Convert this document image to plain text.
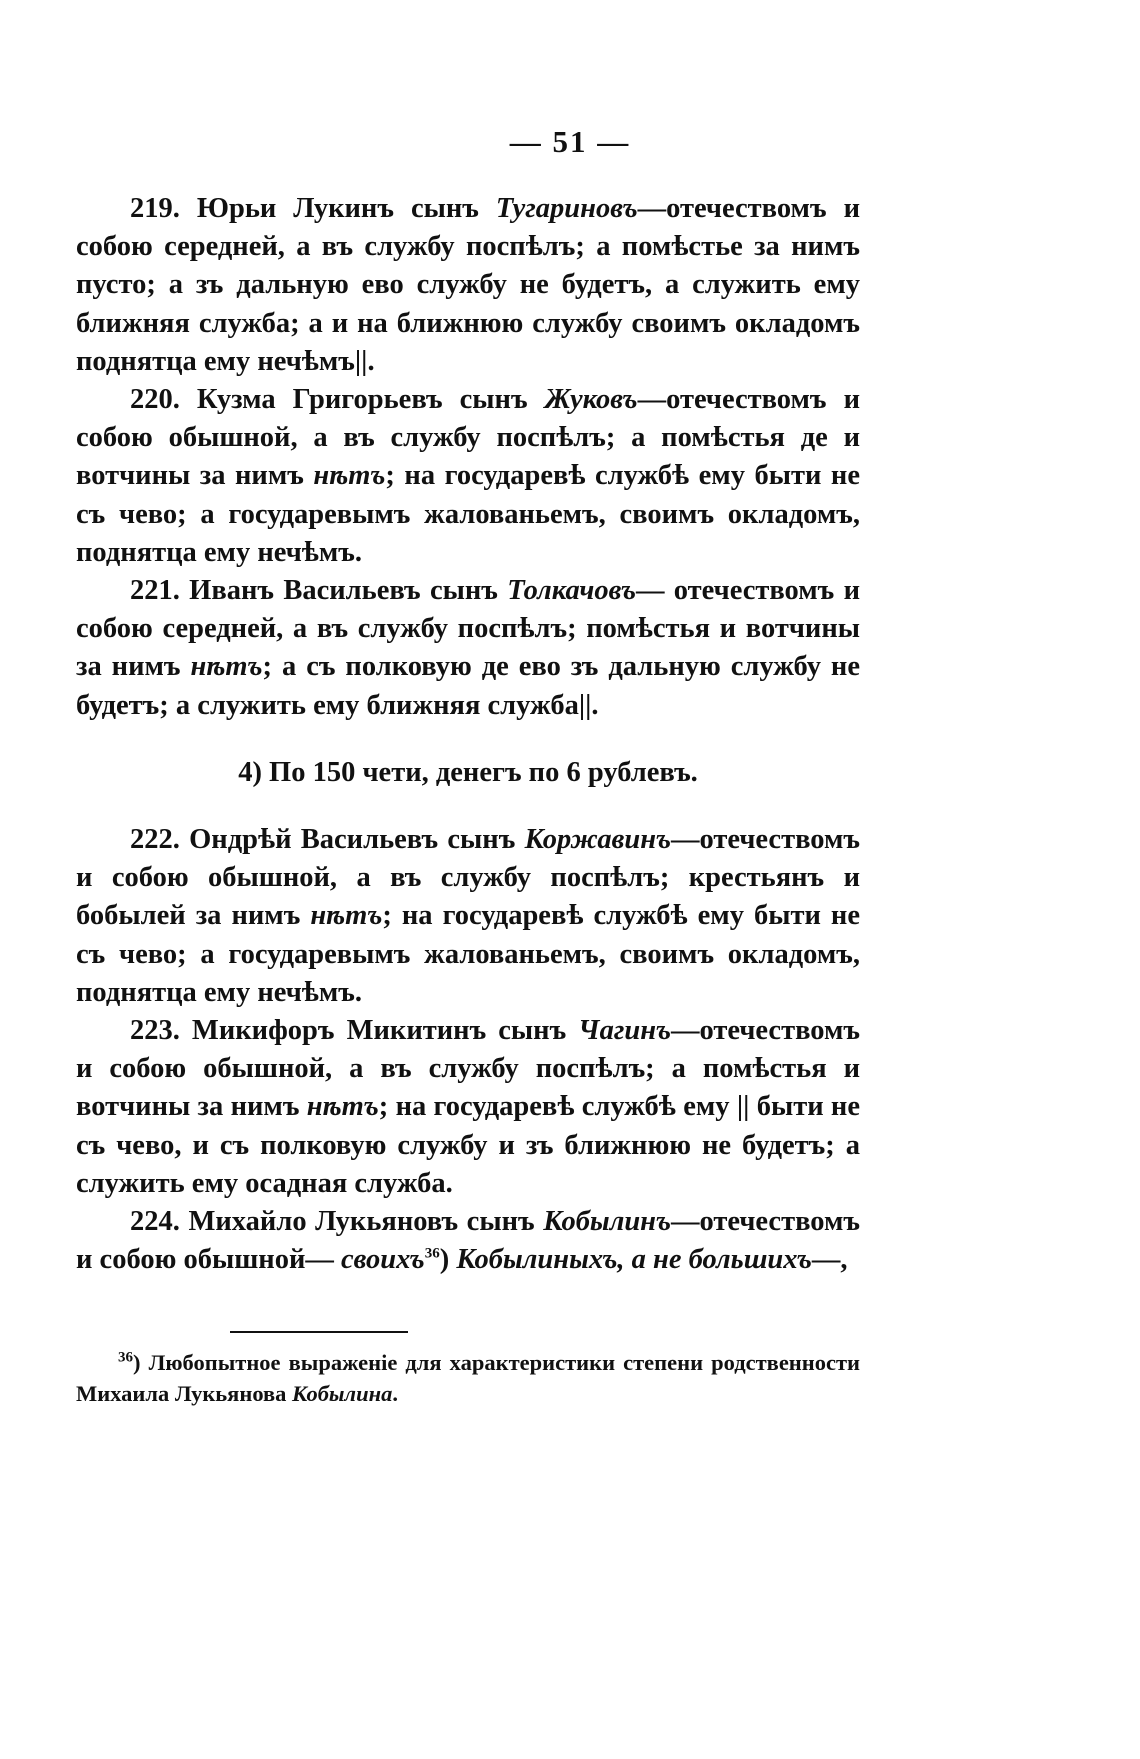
— 51 —

219. Юрьи Лукинъ сынъ Тугариновъ—отечествомъ и собою середней, а въ службу поспѣлъ; а помѣстье за нимъ пусто; а зъ дальную ево службу не будетъ, а служить ему ближняя служба; а и на ближнюю службу своимъ окладомъ поднятца ему нечѣмъ||.

220. Кузма Григорьевъ сынъ Жуковъ—отечествомъ и собою обышной, а въ службу поспѣлъ; а помѣстья де и вотчины за нимъ нѣтъ; на государевѣ службѣ ему быти не съ чево; а государевымъ жалованьемъ, своимъ окладомъ, поднятца ему нечѣмъ.

221. Иванъ Васильевъ сынъ Толкачовъ— отечествомъ и собою середней, а въ службу поспѣлъ; помѣстья и вотчины за нимъ нѣтъ; а съ полковую де ево зъ дальную службу не будетъ; а служить ему ближняя служба||.

4) По 150 чети, денегъ по 6 рублевъ.

222. Ондрѣй Васильевъ сынъ Коржавинъ—отечествомъ и собою обышной, а въ службу поспѣлъ; крестьянъ и бобылей за нимъ нѣтъ; на государевѣ службѣ ему быти не съ чево; а государевымъ жалованьемъ, своимъ окладомъ, поднятца ему нечѣмъ.

223. Микифоръ Микитинъ сынъ Чагинъ—отечествомъ и собою обышной, а въ службу поспѣлъ; а помѣстья и вотчины за нимъ нѣтъ; на государевѣ службѣ ему || быти не съ чево, и съ полковую службу и зъ ближнюю не будетъ; а служить ему осадная служба.

224. Михайло Лукьяновъ сынъ Кобылинъ—отечествомъ и собою обышной— своихъ$^{36}$) Кобылиныхъ, а не большихъ—,

$^{36}$) Любопытное выраженіе для характеристики степени родственности Михаила Лукьянова Кобылина.
